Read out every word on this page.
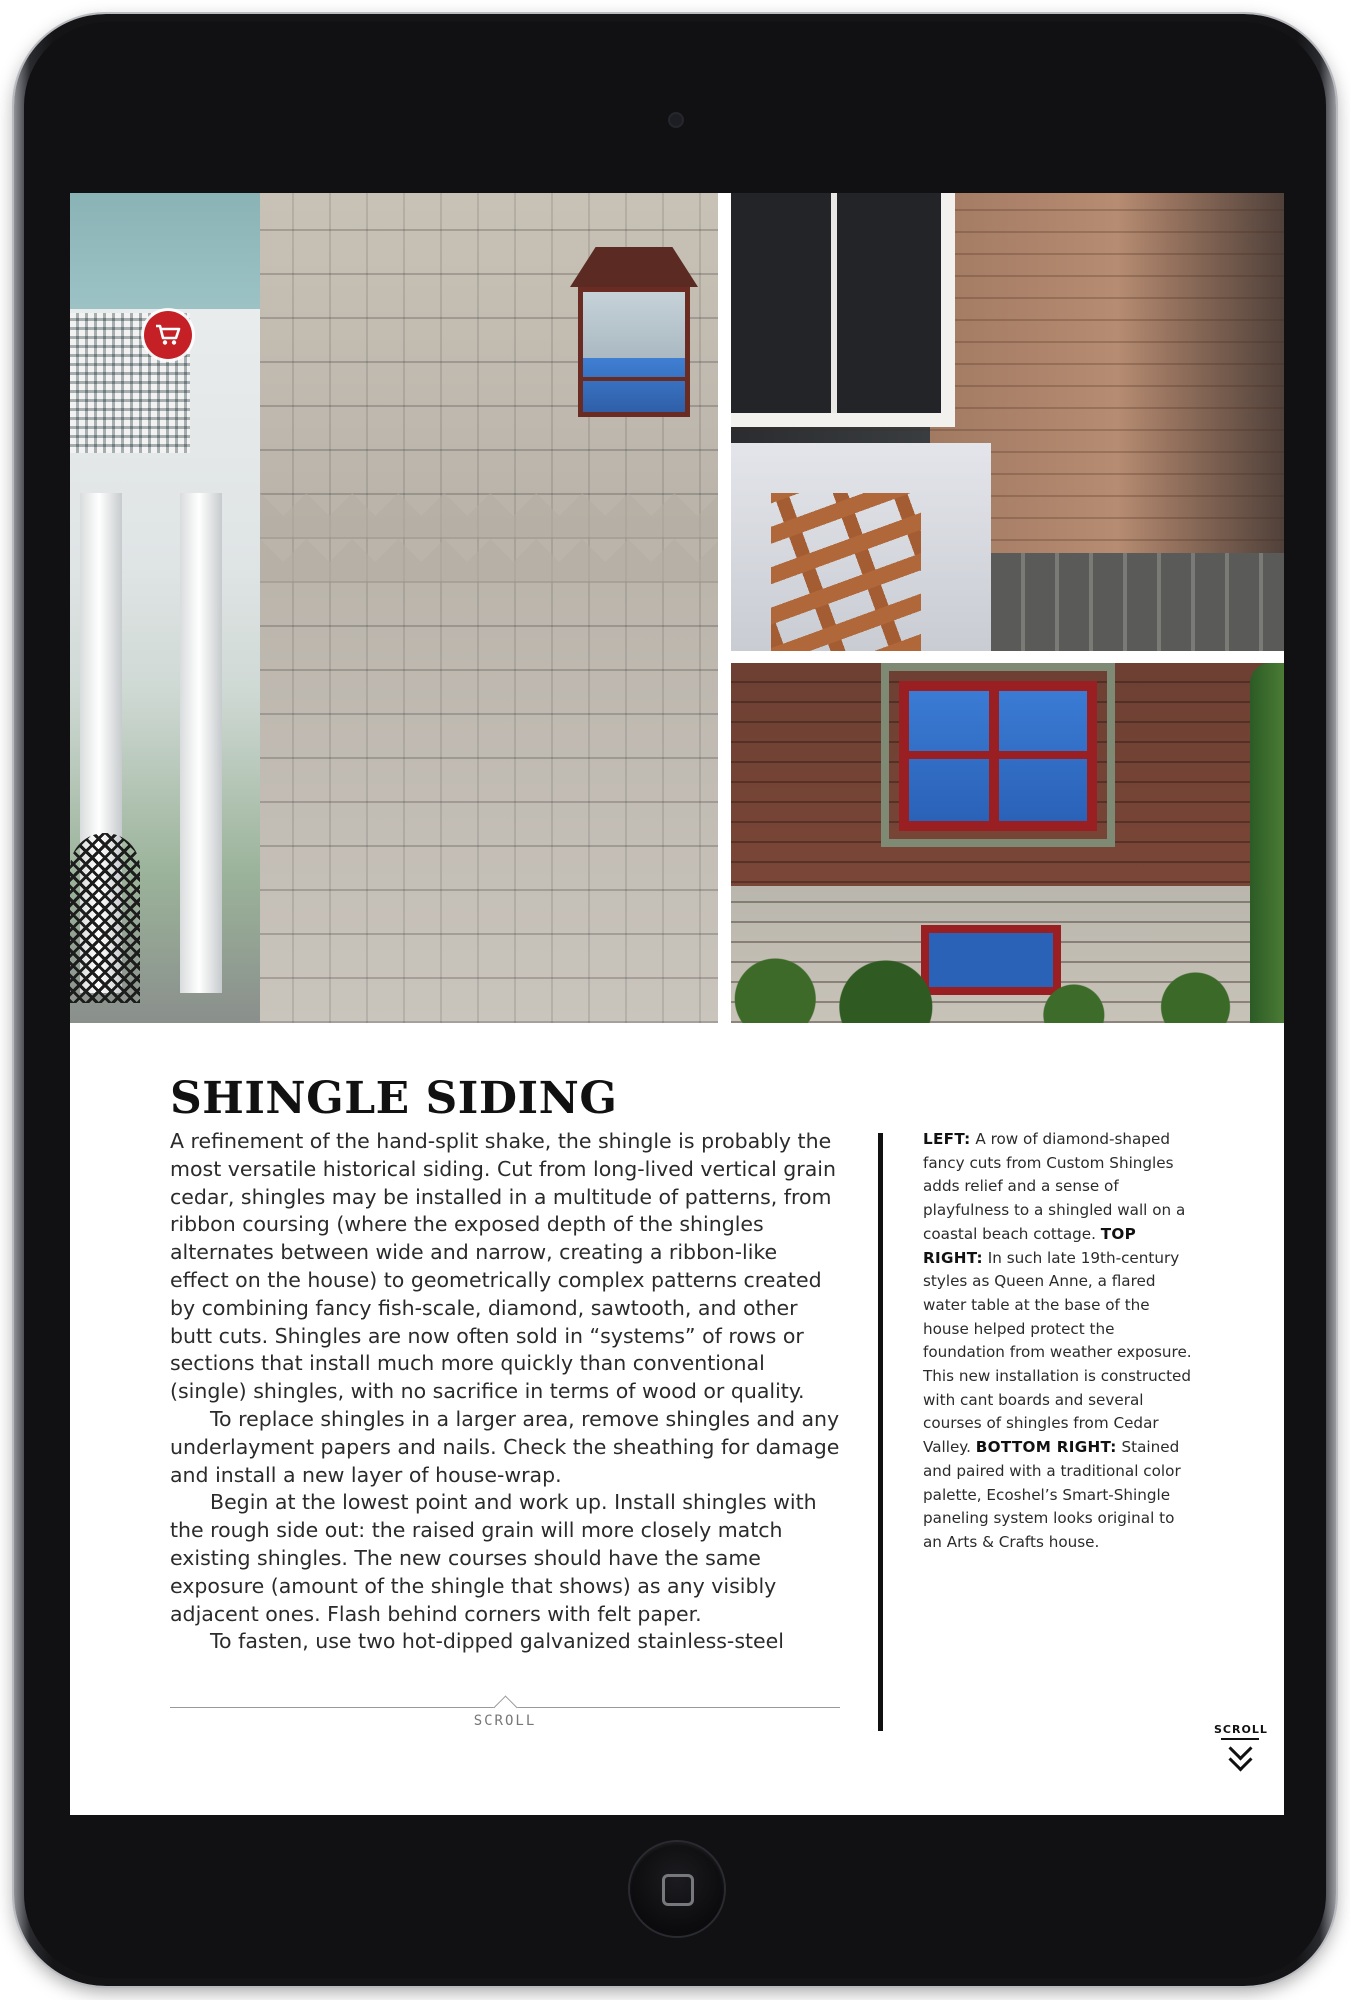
SHINGLE SIDING

A refinement of the hand-split shake, the shingle is probably the most versatile historical siding. Cut from long-lived vertical grain cedar, shingles may be installed in a multitude of patterns, from ribbon coursing (where the exposed depth of the shingles alternates between wide and narrow, creating a ribbon-like effect on the house) to geometrically complex patterns created by combining fancy fish-scale, diamond, sawtooth, and other butt cuts. Shingles are now often sold in “systems” of rows or sections that install much more quickly than conventional (single) shingles, with no sacrifice in terms of wood or quality.

To replace shingles in a larger area, remove shingles and any underlayment papers and nails. Check the sheathing for damage and install a new layer of house-wrap.

Begin at the lowest point and work up. Install shingles with the rough side out: the raised grain will more closely match existing shingles. The new courses should have the same exposure (amount of the shingle that shows) as any visibly adjacent ones. Flash behind corners with felt paper.

To fasten, use two hot-dipped galvanized stainless-steel

SCROLL
LEFT: A row of diamond-shaped fancy cuts from Custom Shingles adds relief and a sense of playfulness to a shingled wall on a coastal beach cottage. TOP RIGHT: In such late 19th-century styles as Queen Anne, a flared water table at the base of the house helped protect the foundation from weather exposure. This new installation is constructed with cant boards and several courses of shingles from Cedar Valley. BOTTOM RIGHT: Stained and paired with a traditional color palette, Ecoshel’s Smart-Shingle paneling system looks original to an Arts & Crafts house.
SCROLL
